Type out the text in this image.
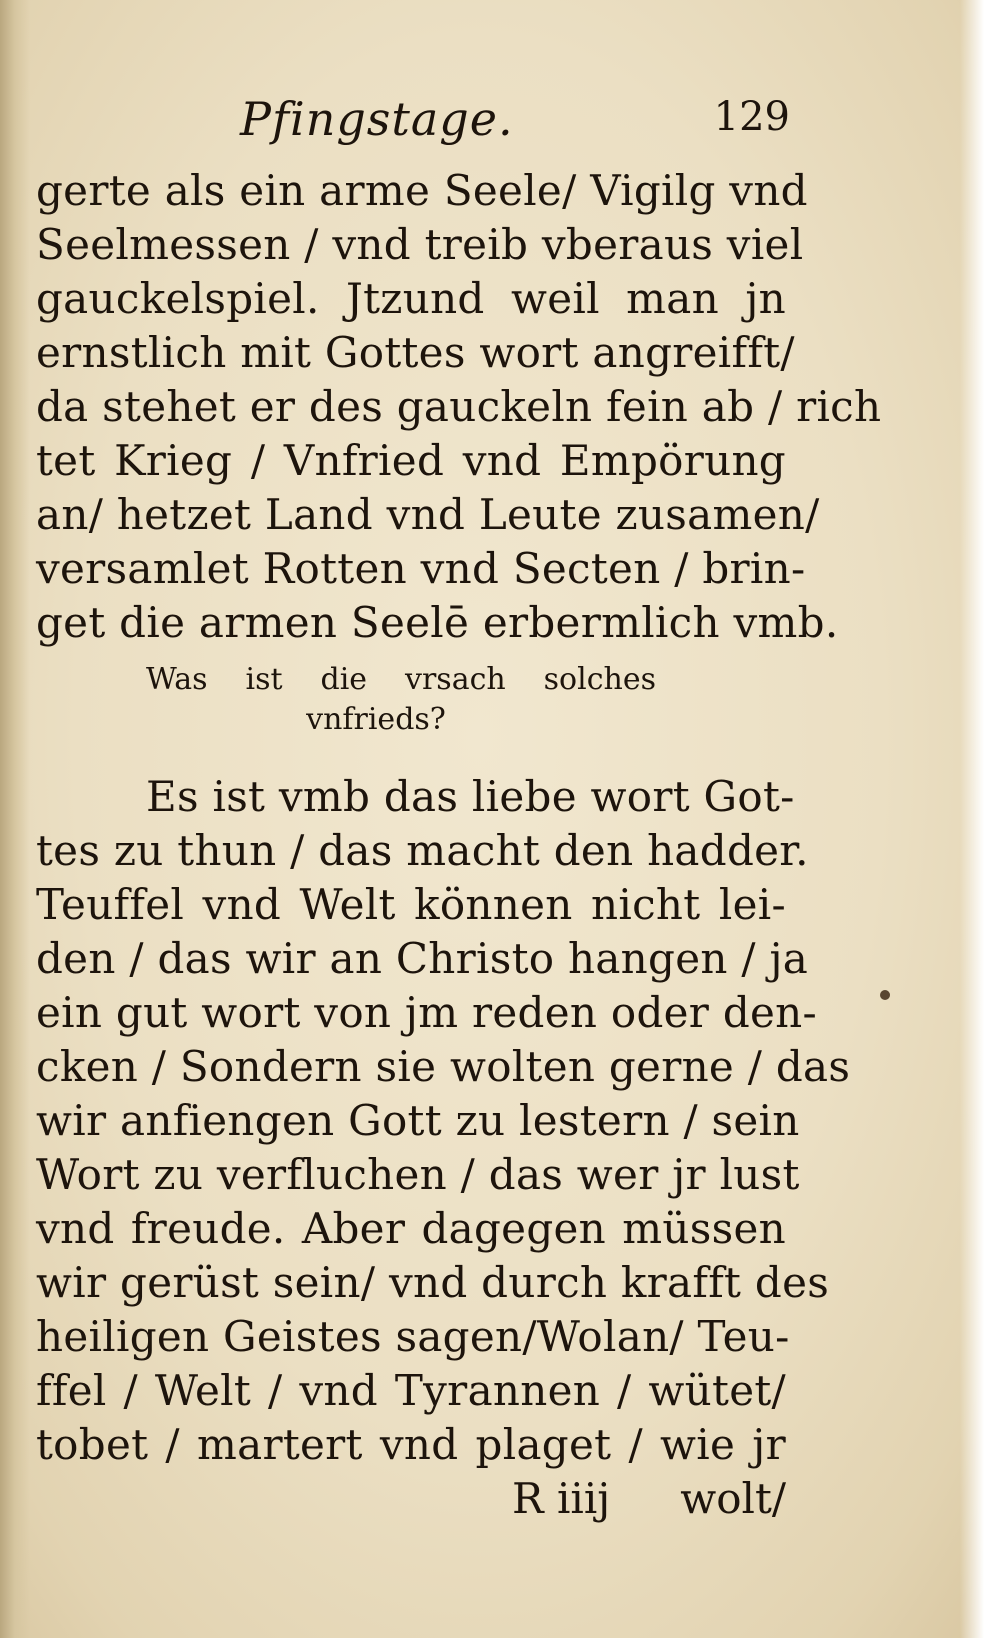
Pfingstage.	129
gerte als ein arme Seele/ Vigilg vnd
Seelmessen / vnd treib vberaus viel
gauckelspiel. Jtzund weil man jn
ernstlich mit Gottes wort angreifft/
da stehet er des gauckeln fein ab / rich
tet Krieg / Vnfried vnd Empörung
an/ hetzet Land vnd Leute zusamen/
versamlet Rotten vnd Secten / brin-
get die armen Seelē erbermlich vmb.
Was ist die vrsach solches
vnfrieds?
Es ist vmb das liebe wort Got-
tes zu thun / das macht den hadder.
Teuffel vnd Welt können nicht lei-
den / das wir an Christo hangen / ja
ein gut wort von jm reden oder den-
cken / Sondern sie wolten gerne / das
wir anfiengen Gott zu lestern / sein
Wort zu verfluchen / das wer jr lust
vnd freude. Aber dagegen müssen
wir gerüst sein/ vnd durch krafft des
heiligen Geistes sagen/Wolan/ Teu-
ffel / Welt / vnd Tyrannen / wütet/
tobet / martert vnd plaget / wie jr
R iiij wolt/
